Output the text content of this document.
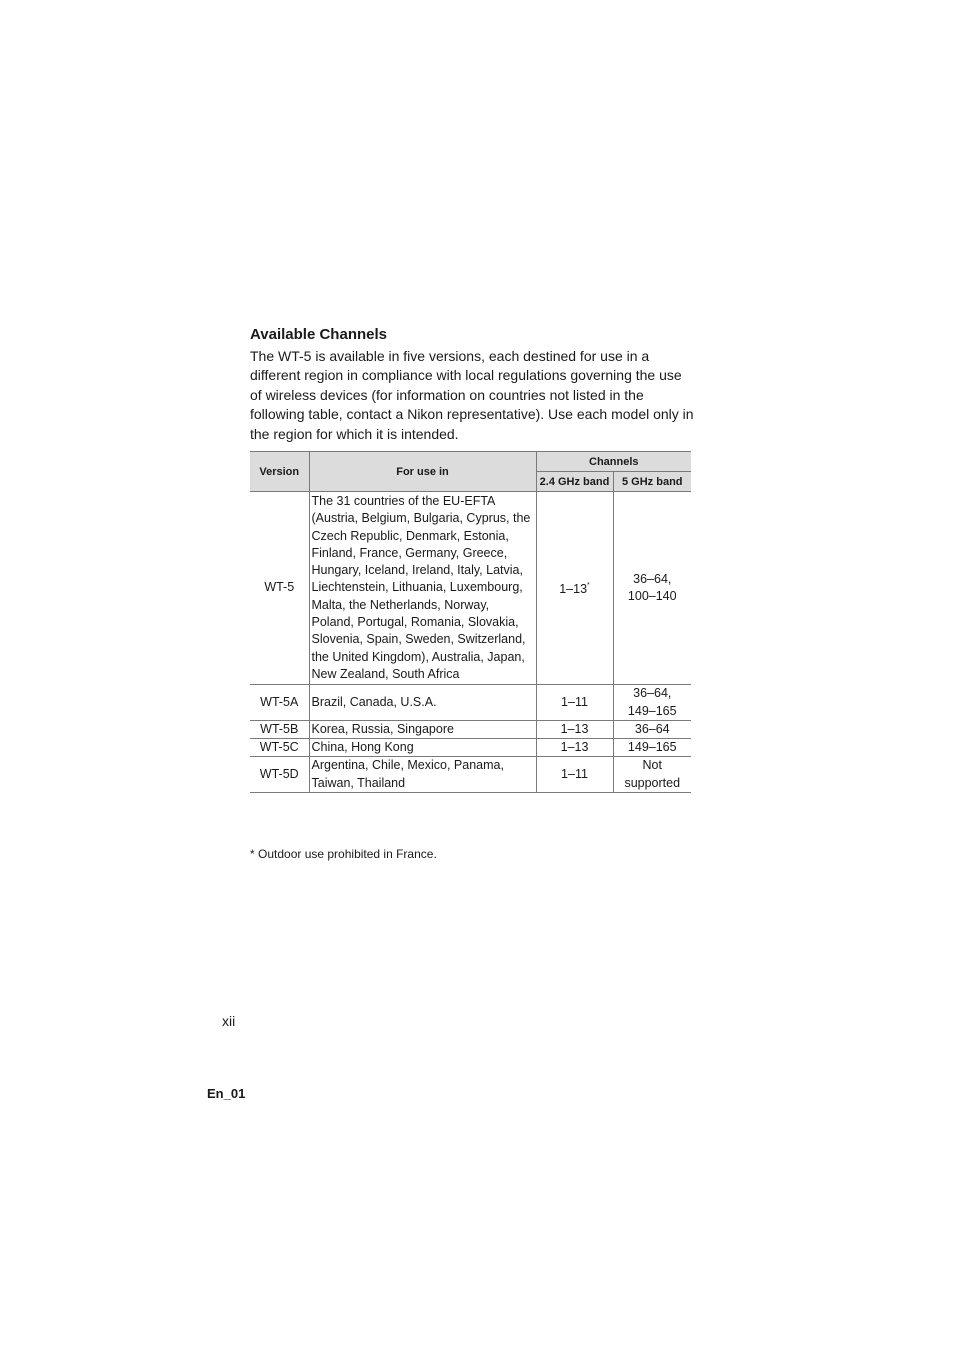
Available Channels

The WT-5 is available in five versions, each destined for use in a different region in compliance with local regulations governing the use of wireless devices (for information on countries not listed in the following table, contact a Nikon representative). Use each model only in the region for which it is intended.

Version	For use in	Channels	
		2.4 GHz band	5 GHz band
WT-5	The 31 countries of the EU-EFTA (Austria, Belgium, Bulgaria, Cyprus, the Czech Republic, Denmark, Estonia, Finland, France, Germany, Greece, Hungary, Iceland, Ireland, Italy, Latvia, Liechtenstein, Lithuania, Luxembourg, Malta, the Netherlands, Norway, Poland, Portugal, Romania, Slovakia, Slovenia, Spain, Sweden, Switzerland, the United Kingdom), Australia, Japan, New Zealand, South Africa	1–13*	36–64,
100–140
WT-5A	Brazil, Canada, U.S.A.	1–11	36–64,
149–165
WT-5B	Korea, Russia, Singapore	1–13	36–64
WT-5C	China, Hong Kong	1–13	149–165
WT-5D	Argentina, Chile, Mexico, Panama, Taiwan, Thailand	1–11	Not
supported

* Outdoor use prohibited in France.

xii

En_01
